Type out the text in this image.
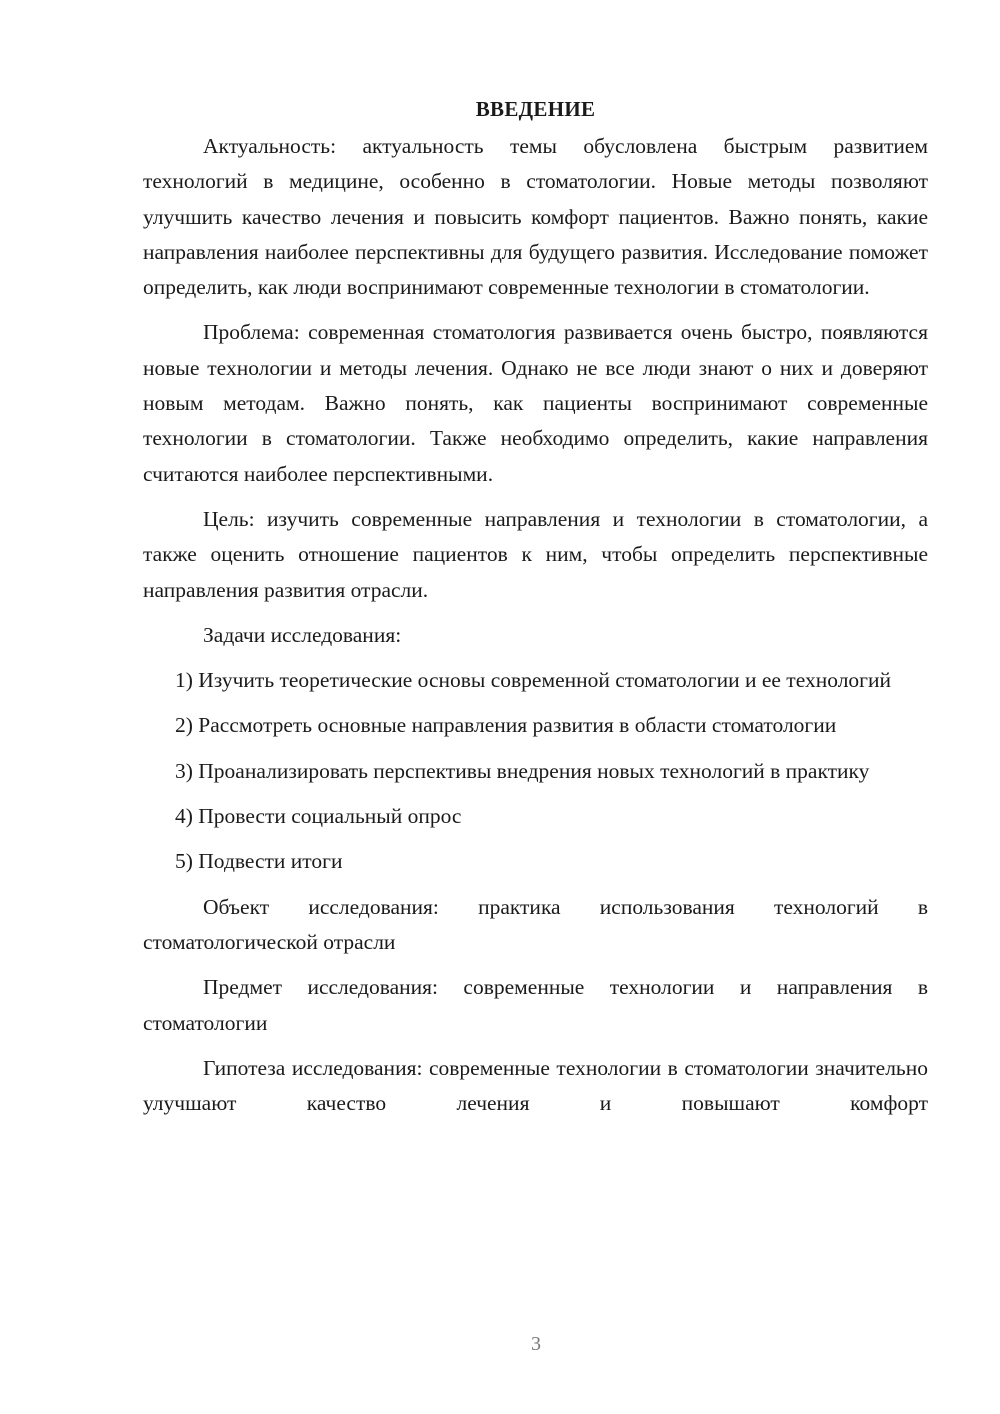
ВВЕДЕНИЕ

Актуальность: актуальность темы обусловлена быстрым развитием технологий в медицине, особенно в стоматологии. Новые методы позволяют улучшить качество лечения и повысить комфорт пациентов. Важно понять, какие направления наиболее перспективны для будущего развития. Исследование поможет определить, как люди воспринимают современные технологии в стоматологии.

Проблема: современная стоматология развивается очень быстро, появляются новые технологии и методы лечения. Однако не все люди знают о них и доверяют новым методам. Важно понять, как пациенты воспринимают современные технологии в стоматологии. Также необходимо определить, какие направления считаются наиболее перспективными.

Цель: изучить современные направления и технологии в стоматологии, а также оценить отношение пациентов к ним, чтобы определить перспективные направления развития отрасли.

Задачи исследования:

1) Изучить теоретические основы современной стоматологии и ее технологий

2) Рассмотреть основные направления развития в области стоматологии

3) Проанализировать перспективы внедрения новых технологий в практику

4) Провести социальный опрос

5) Подвести итоги

Объект исследования: практика использования технологий в стоматологической отрасли

Предмет исследования: современные технологии и направления в стоматологии

Гипотеза исследования: современные технологии в стоматологии значительно улучшают качество лечения и повышают комфорт

3
